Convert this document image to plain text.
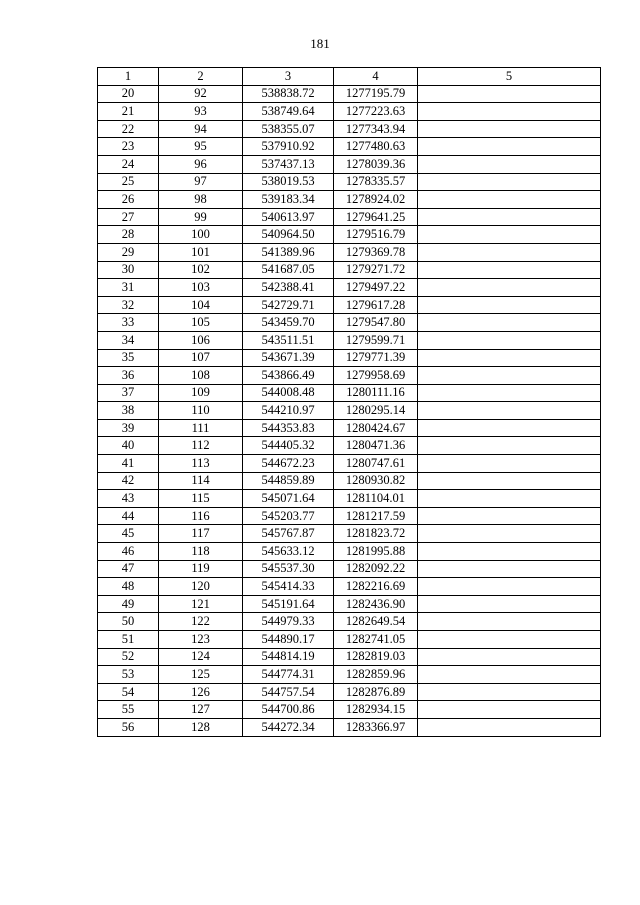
181
1	2	3	4	5
20	92	538838.72	1277195.79	
21	93	538749.64	1277223.63	
22	94	538355.07	1277343.94	
23	95	537910.92	1277480.63	
24	96	537437.13	1278039.36	
25	97	538019.53	1278335.57	
26	98	539183.34	1278924.02	
27	99	540613.97	1279641.25	
28	100	540964.50	1279516.79	
29	101	541389.96	1279369.78	
30	102	541687.05	1279271.72	
31	103	542388.41	1279497.22	
32	104	542729.71	1279617.28	
33	105	543459.70	1279547.80	
34	106	543511.51	1279599.71	
35	107	543671.39	1279771.39	
36	108	543866.49	1279958.69	
37	109	544008.48	1280111.16	
38	110	544210.97	1280295.14	
39	111	544353.83	1280424.67	
40	112	544405.32	1280471.36	
41	113	544672.23	1280747.61	
42	114	544859.89	1280930.82	
43	115	545071.64	1281104.01	
44	116	545203.77	1281217.59	
45	117	545767.87	1281823.72	
46	118	545633.12	1281995.88	
47	119	545537.30	1282092.22	
48	120	545414.33	1282216.69	
49	121	545191.64	1282436.90	
50	122	544979.33	1282649.54	
51	123	544890.17	1282741.05	
52	124	544814.19	1282819.03	
53	125	544774.31	1282859.96	
54	126	544757.54	1282876.89	
55	127	544700.86	1282934.15	
56	128	544272.34	1283366.97	
